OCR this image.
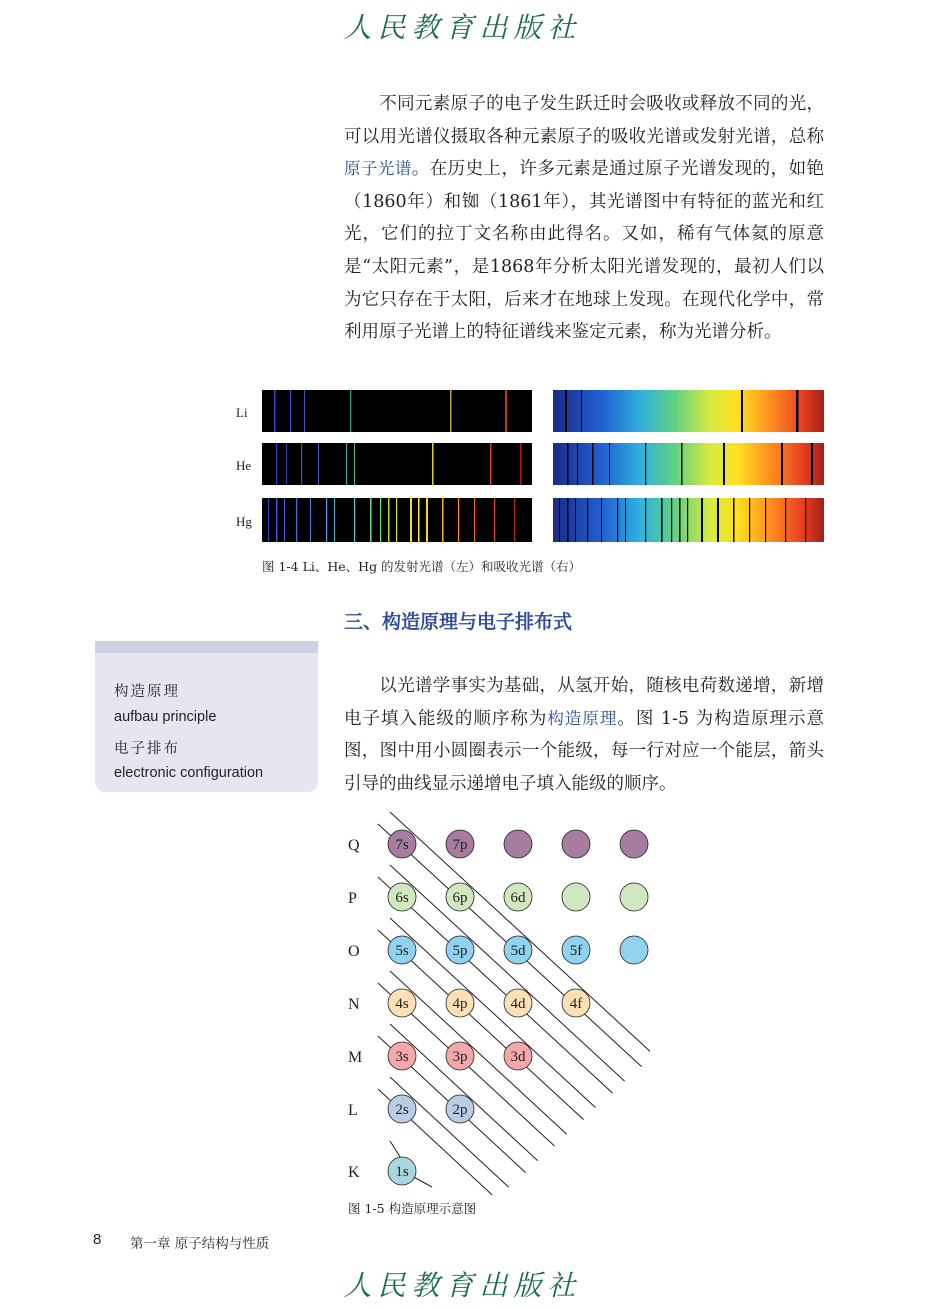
人民教育出版社

不同元素原子的电子发生跃迁时会吸收或释放不同的光，可以用光谱仪摄取各种元素原子的吸收光谱或发射光谱，总称原子光谱。在历史上，许多元素是通过原子光谱发现的，如铯（1860年）和铷（1861年），其光谱图中有特征的蓝光和红光，它们的拉丁文名称由此得名。又如，稀有气体氦的原意是“太阳元素”，是1868年分析太阳光谱发现的，最初人们以为它只存在于太阳，后来才在地球上发现。在现代化学中，常利用原子光谱上的特征谱线来鉴定元素，称为光谱分析。

Li
He
Hg
图 1-4 Li、He、Hg 的发射光谱（左）和吸收光谱（右）
三、构造原理与电子排布式
构造原理
aufbau principle
电子排布
electronic configuration

以光谱学事实为基础，从氢开始，随核电荷数递增，新增电子填入能级的顺序称为构造原理。图 1-5 为构造原理示意图，图中用小圆圈表示一个能级，每一行对应一个能层，箭头引导的曲线显示递增电子填入能级的顺序。

Q 7s	7p
P	6s	6p	6d
O 5s	5p	5d	5f
N 4s	4p	4d	4f
M 3s	3p	3d
L	2s	2p
K 1s
图 1-5 构造原理示意图
8 第一章 原子结构与性质
人民教育出版社
